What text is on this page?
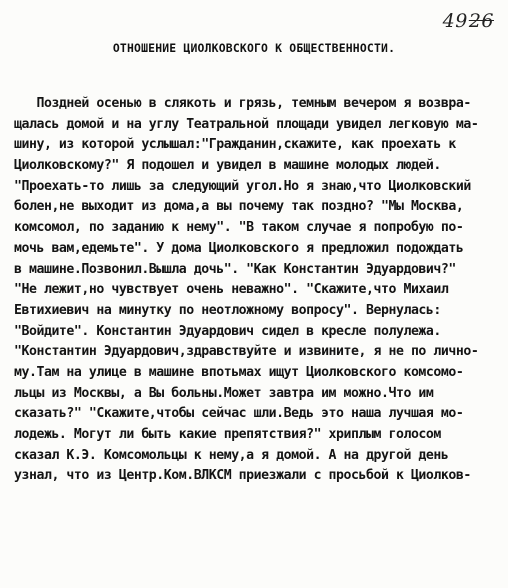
4926
ОТНОШЕНИЕ ЦИОЛКОВСКОГО К ОБЩЕСТВЕННОСТИ.
Поздней осенью в слякоть и грязь, темным вечером я возвра-
щалась домой и на углу Театральной площади увидел легковую ма-
шину, из которой услышал:"Гражданин,скажите, как проехать к
Циолковскому?" Я подошел и увидел в машине молодых людей.
"Проехать-то лишь за следующий угол.Но я знаю,что Циолковский
болен,не выходит из дома,а вы почему так поздно? "Мы Москва,
комсомол, по заданию к нему". "В таком случае я попробую по-
мочь вам,едемьте". У дома Циолковского я предложил подождать
в машине.Позвонил.Вышла дочь". "Как Константин Эдуардович?"
"Не лежит,но чувствует очень неважно". "Скажите,что Михаил
Евтихиевич на минутку по неотложному вопросу". Вернулась:
"Войдите". Константин Эдуардович сидел в кресле полулежа.
"Константин Эдуардович,здравствуйте и извините, я не по лично-
му.Там на улице в машине впотьмах ищут Циолковского комсомо-
льцы из Москвы, а Вы больны.Может завтра им можно.Что им
сказать?" "Скажите,чтобы сейчас шли.Ведь это наша лучшая мо-
лодежь. Могут ли быть какие препятствия?" хриплым голосом
сказал К.Э. Комсомольцы к нему,а я домой. А на другой день
узнал, что из Центр.Ком.ВЛКСМ приезжали с просьбой к Циолков-
